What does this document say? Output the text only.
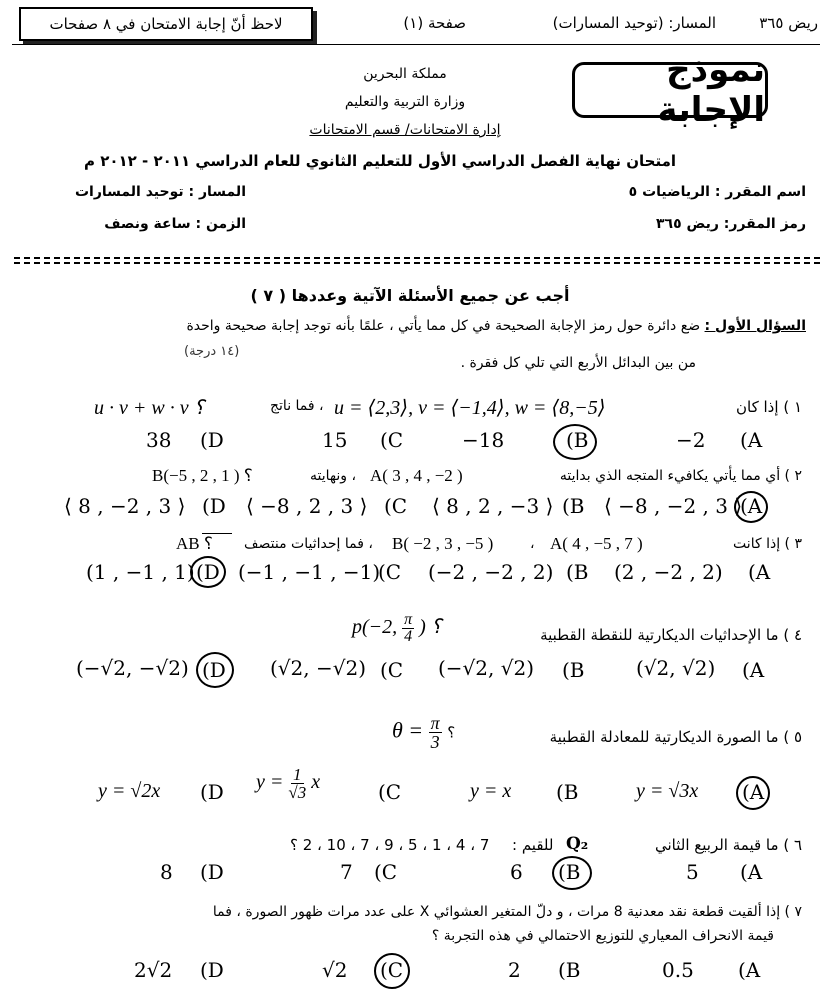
ريض ٣٦٥
المسار: (توحيد المسارات)
صفحة (١)
لاحظ أنّ إجابة الامتحان في ٨ صفحات
نموذج الإجابة
مملكة البحرين
وزارة التربية والتعليم
إدارة الامتحانات/ قسم الامتحانات
امتحان نهاية الفصل الدراسي الأول للتعليم الثانوي للعام الدراسي ٢٠١١ - ٢٠١٢ م
اسم المقرر : الرياضيات ٥
المسار : توحيد المسارات
رمز المقرر: ريض ٣٦٥
الزمن : ساعة ونصف
أجب عن جميع الأسئلة الآتية وعددها ( ٧ )
السؤال الأول : ضع دائرة حول رمز الإجابة الصحيحة في كل مما يأتي ، علمًا بأنه توجد إجابة صحيحة واحدة
(١٤ درجة)
من بين البدائل الأربع التي تلي كل فقرة .
١ ) إذا كان
u = ⟨2,3⟩, v = ⟨−1,4⟩, w = ⟨8,−5⟩
، فما ناتج
u · v + w · v ؟
(A
−2
(B
−18
(C
15
(D
38
٢ ) أي مما يأتي يكافيء المتجه الذي بدايته
A( 3 , 4 , −2 )
، ونهايته
B(−5 , 2 , 1 ) ؟
(A
⟨ −8 , −2 , 3 ⟩
(B
⟨ 8 , 2 , −3 ⟩
(C
⟨ −8 , 2 , 3 ⟩
(D
⟨ 8 , −2 , 3 ⟩
٣ ) إذا كانت
A( 4 , −5 , 7 )
،
B( −2 , 3 , −5 )
، فما إحداثيات منتصف
AB ؟
(A
(2 , −2 , 2)
(B
(−2 , −2 , 2)
(C
(−1 , −1 , −1)
(D
(1 , −1 , 1)
٤ ) ما الإحداثيات الديكارتية للنقطة القطبية
p(−2, $\frac{\pi}{4}$ ) ؟
(A
(√2, √2)
(B
(−√2, √2)
(C
(√2, −√2)
(D
(−√2, −√2)
٥ ) ما الصورة الديكارتية للمعادلة القطبية
$\theta = \frac{\pi}{3}$ ؟
(A
y = √3x
(B
y = x
(C
$y = \frac{1}{√3}$ x
(D
y = √2x
٦ ) ما قيمة الربيع الثاني
Q₂
للقيم :
7 ، 4 ، 1 ، 5 ، 9 ، 7 ، 10 ، 2 ؟
(A
5
(B
6
(C
7
(D
8
٧ ) إذا ألقيت قطعة نقد معدنية 8 مرات ، و دلّ المتغير العشوائي X على عدد مرات ظهور الصورة ، فما
قيمة الانحراف المعياري للتوزيع الاحتمالي في هذه التجربة ؟
(A
0.5
(B
2
(C
√2
(D
2√2
